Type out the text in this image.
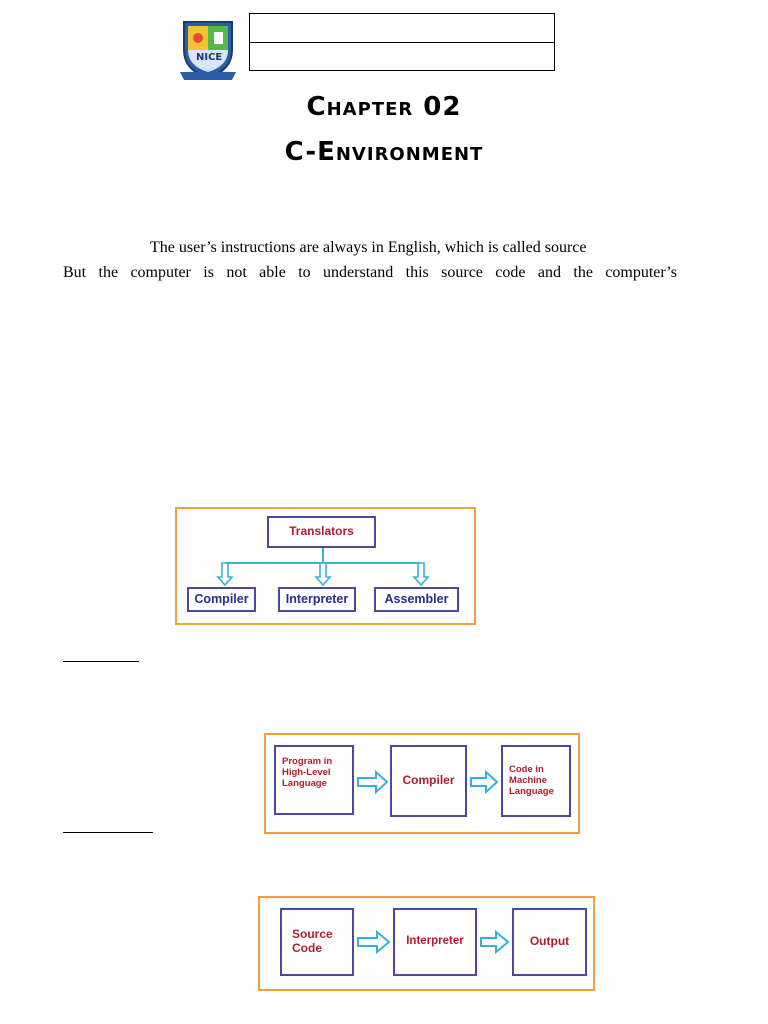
NICE
Chapter 02
C-Environment
The user’s instructions are always in English, which is called source
But the computer is not able to understand this source code and the computer’s
Translators
Compiler	Interpreter	Assembler
Program in
High-Level
Language	Compiler
Code in
Machine
Language
Source
Code	Interpreter	Output
